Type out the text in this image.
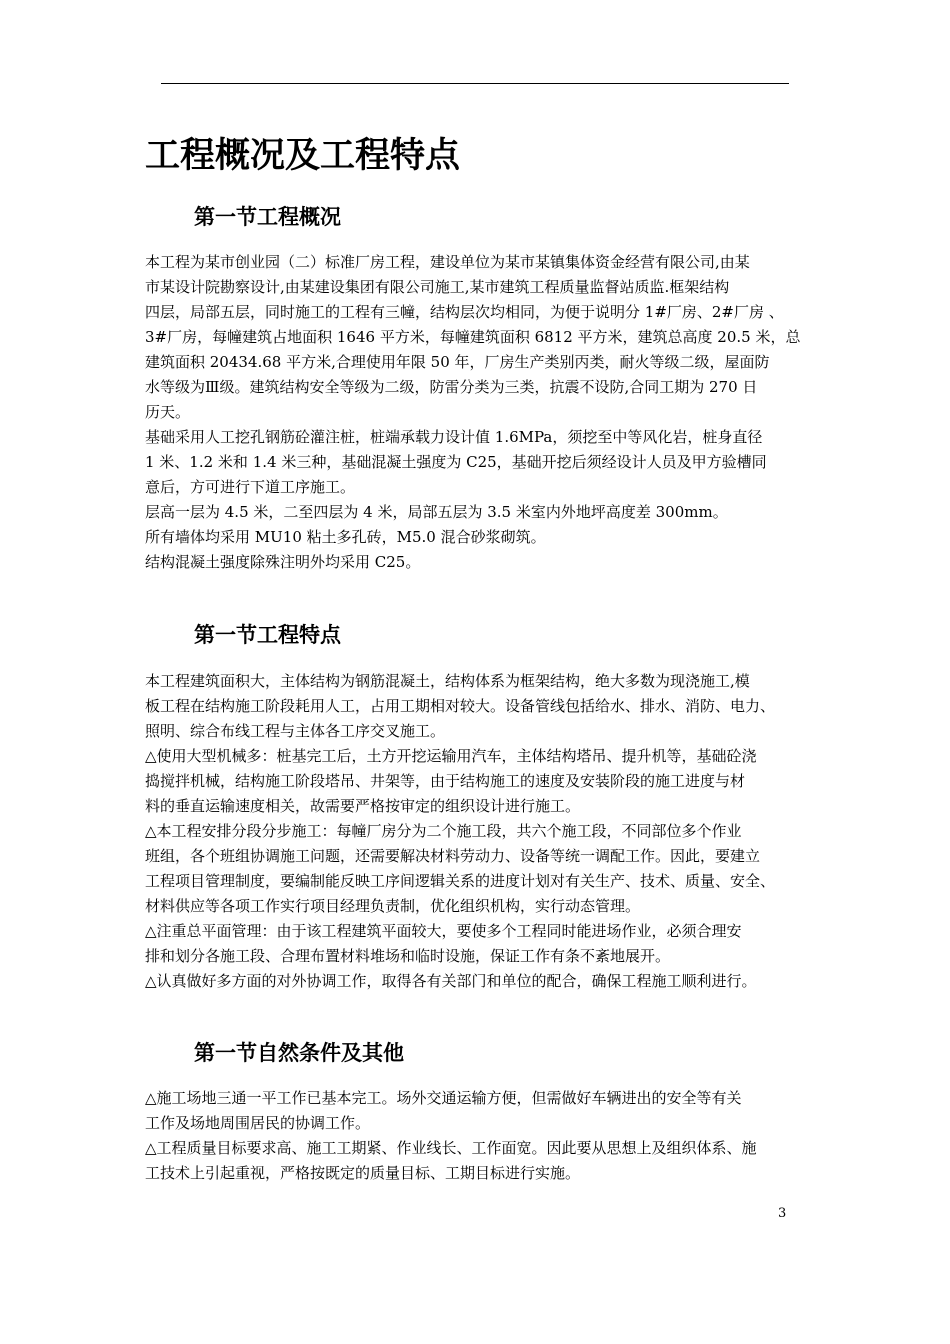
工程概况及工程特点
第一节工程概况

本工程为某市创业园（二）标准厂房工程，建设单位为某市某镇集体资金经营有限公司,由某
市某设计院勘察设计,由某建设集团有限公司施工,某市建筑工程质量监督站质监.框架结构
四层，局部五层，同时施工的工程有三幢，结构层次均相同，为便于说明分 1#厂房、2#厂房 、
3#厂房，每幢建筑占地面积 1646 平方米，每幢建筑面积 6812 平方米，建筑总高度 20.5 米，总
建筑面积 20434.68 平方米,合理使用年限 50 年，厂房生产类别丙类，耐火等级二级，屋面防
水等级为Ⅲ级。建筑结构安全等级为二级，防雷分类为三类，抗震不设防,合同工期为 270 日
历天。

基础采用人工挖孔钢筋砼灌注桩，桩端承载力设计值 1.6MPa，须挖至中等风化岩，桩身直径
1 米、1.2 米和 1.4 米三种，基础混凝土强度为 C25，基础开挖后须经设计人员及甲方验槽同
意后，方可进行下道工序施工。

层高一层为 4.5 米，二至四层为 4 米，局部五层为 3.5 米室内外地坪高度差 300mm。

所有墙体均采用 MU10 粘土多孔砖，M5.0 混合砂浆砌筑。

结构混凝土强度除殊注明外均采用 C25。

第一节工程特点

本工程建筑面积大，主体结构为钢筋混凝土，结构体系为框架结构，绝大多数为现浇施工,模
板工程在结构施工阶段耗用人工，占用工期相对较大。设备管线包括给水、排水、消防、电力、
照明、综合布线工程与主体各工序交叉施工。

△使用大型机械多：桩基完工后，土方开挖运输用汽车，主体结构塔吊、提升机等，基础砼浇
捣搅拌机械，结构施工阶段塔吊、井架等，由于结构施工的速度及安装阶段的施工进度与材
料的垂直运输速度相关，故需要严格按审定的组织设计进行施工。

△本工程安排分段分步施工：每幢厂房分为二个施工段，共六个施工段，不同部位多个作业
班组，各个班组协调施工问题，还需要解决材料劳动力、设备等统一调配工作。因此，要建立
工程项目管理制度，要编制能反映工序间逻辑关系的进度计划对有关生产、技术、质量、安全、
材料供应等各项工作实行项目经理负责制，优化组织机构，实行动态管理。

△注重总平面管理：由于该工程建筑平面较大，要使多个工程同时能进场作业，必须合理安
排和划分各施工段、合理布置材料堆场和临时设施，保证工作有条不紊地展开。

△认真做好多方面的对外协调工作，取得各有关部门和单位的配合，确保工程施工顺利进行。

第一节自然条件及其他

△施工场地三通一平工作已基本完工。场外交通运输方便，但需做好车辆进出的安全等有关
工作及场地周围居民的协调工作。

△工程质量目标要求高、施工工期紧、作业线长、工作面宽。因此要从思想上及组织体系、施
工技术上引起重视，严格按既定的质量目标、工期目标进行实施。

3
